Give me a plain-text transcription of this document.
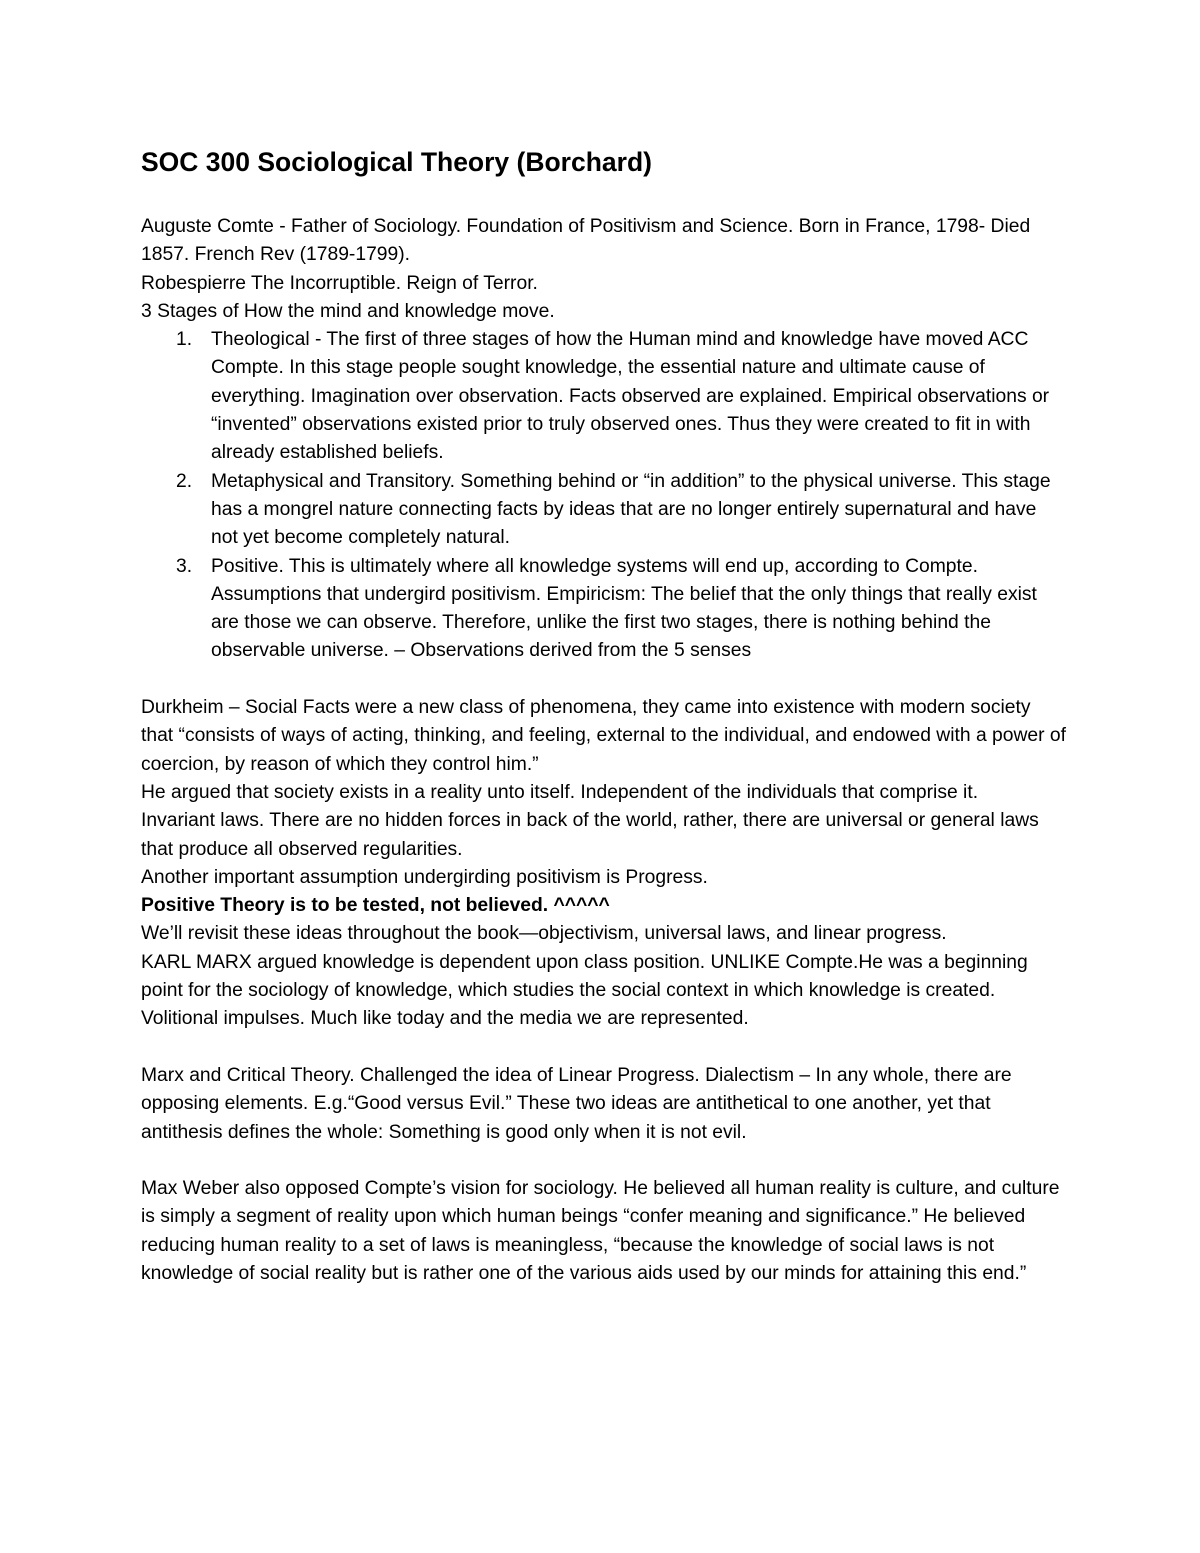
SOC 300 Sociological Theory (Borchard)

Auguste Comte - Father of Sociology. Foundation of Positivism and Science. Born in France, 1798- Died 1857. French Rev (1789-1799).

Robespierre The Incorruptible. Reign of Terror.

3 Stages of How the mind and knowledge move.

1. Theological - The first of three stages of how the Human mind and knowledge have moved ACC Compte. In this stage people sought knowledge, the essential nature and ultimate cause of everything. Imagination over observation. Facts observed are explained. Empirical observations or “invented” observations existed prior to truly observed ones. Thus they were created to fit in with already established beliefs.
2. Metaphysical and Transitory. Something behind or “in addition” to the physical universe. This stage has a mongrel nature connecting facts by ideas that are no longer entirely supernatural and have not yet become completely natural.
3. Positive. This is ultimately where all knowledge systems will end up, according to Compte. Assumptions that undergird positivism. Empiricism: The belief that the only things that really exist are those we can observe. Therefore, unlike the first two stages, there is nothing behind the observable universe. – Observations derived from the 5 senses

Durkheim – Social Facts were a new class of phenomena, they came into existence with modern society that “consists of ways of acting, thinking, and feeling, external to the individual, and endowed with a power of coercion, by reason of which they control him.”

He argued that society exists in a reality unto itself. Independent of the individuals that comprise it.

Invariant laws. There are no hidden forces in back of the world, rather, there are universal or general laws that produce all observed regularities.

Another important assumption undergirding positivism is Progress.

Positive Theory is to be tested, not believed. ^^^^^

We’ll revisit these ideas throughout the book—objectivism, universal laws, and linear progress.

KARL MARX argued knowledge is dependent upon class position. UNLIKE Compte.He was a beginning point for the sociology of knowledge, which studies the social context in which knowledge is created. Volitional impulses. Much like today and the media we are represented.

Marx and Critical Theory. Challenged the idea of Linear Progress. Dialectism – In any whole, there are opposing elements. E.g.“Good versus Evil.” These two ideas are antithetical to one another, yet that antithesis defines the whole: Something is good only when it is not evil.

Max Weber also opposed Compte’s vision for sociology. He believed all human reality is culture, and culture is simply a segment of reality upon which human beings “confer meaning and significance.” He believed reducing human reality to a set of laws is meaningless, “because the knowledge of social laws is not knowledge of social reality but is rather one of the various aids used by our minds for attaining this end.”
